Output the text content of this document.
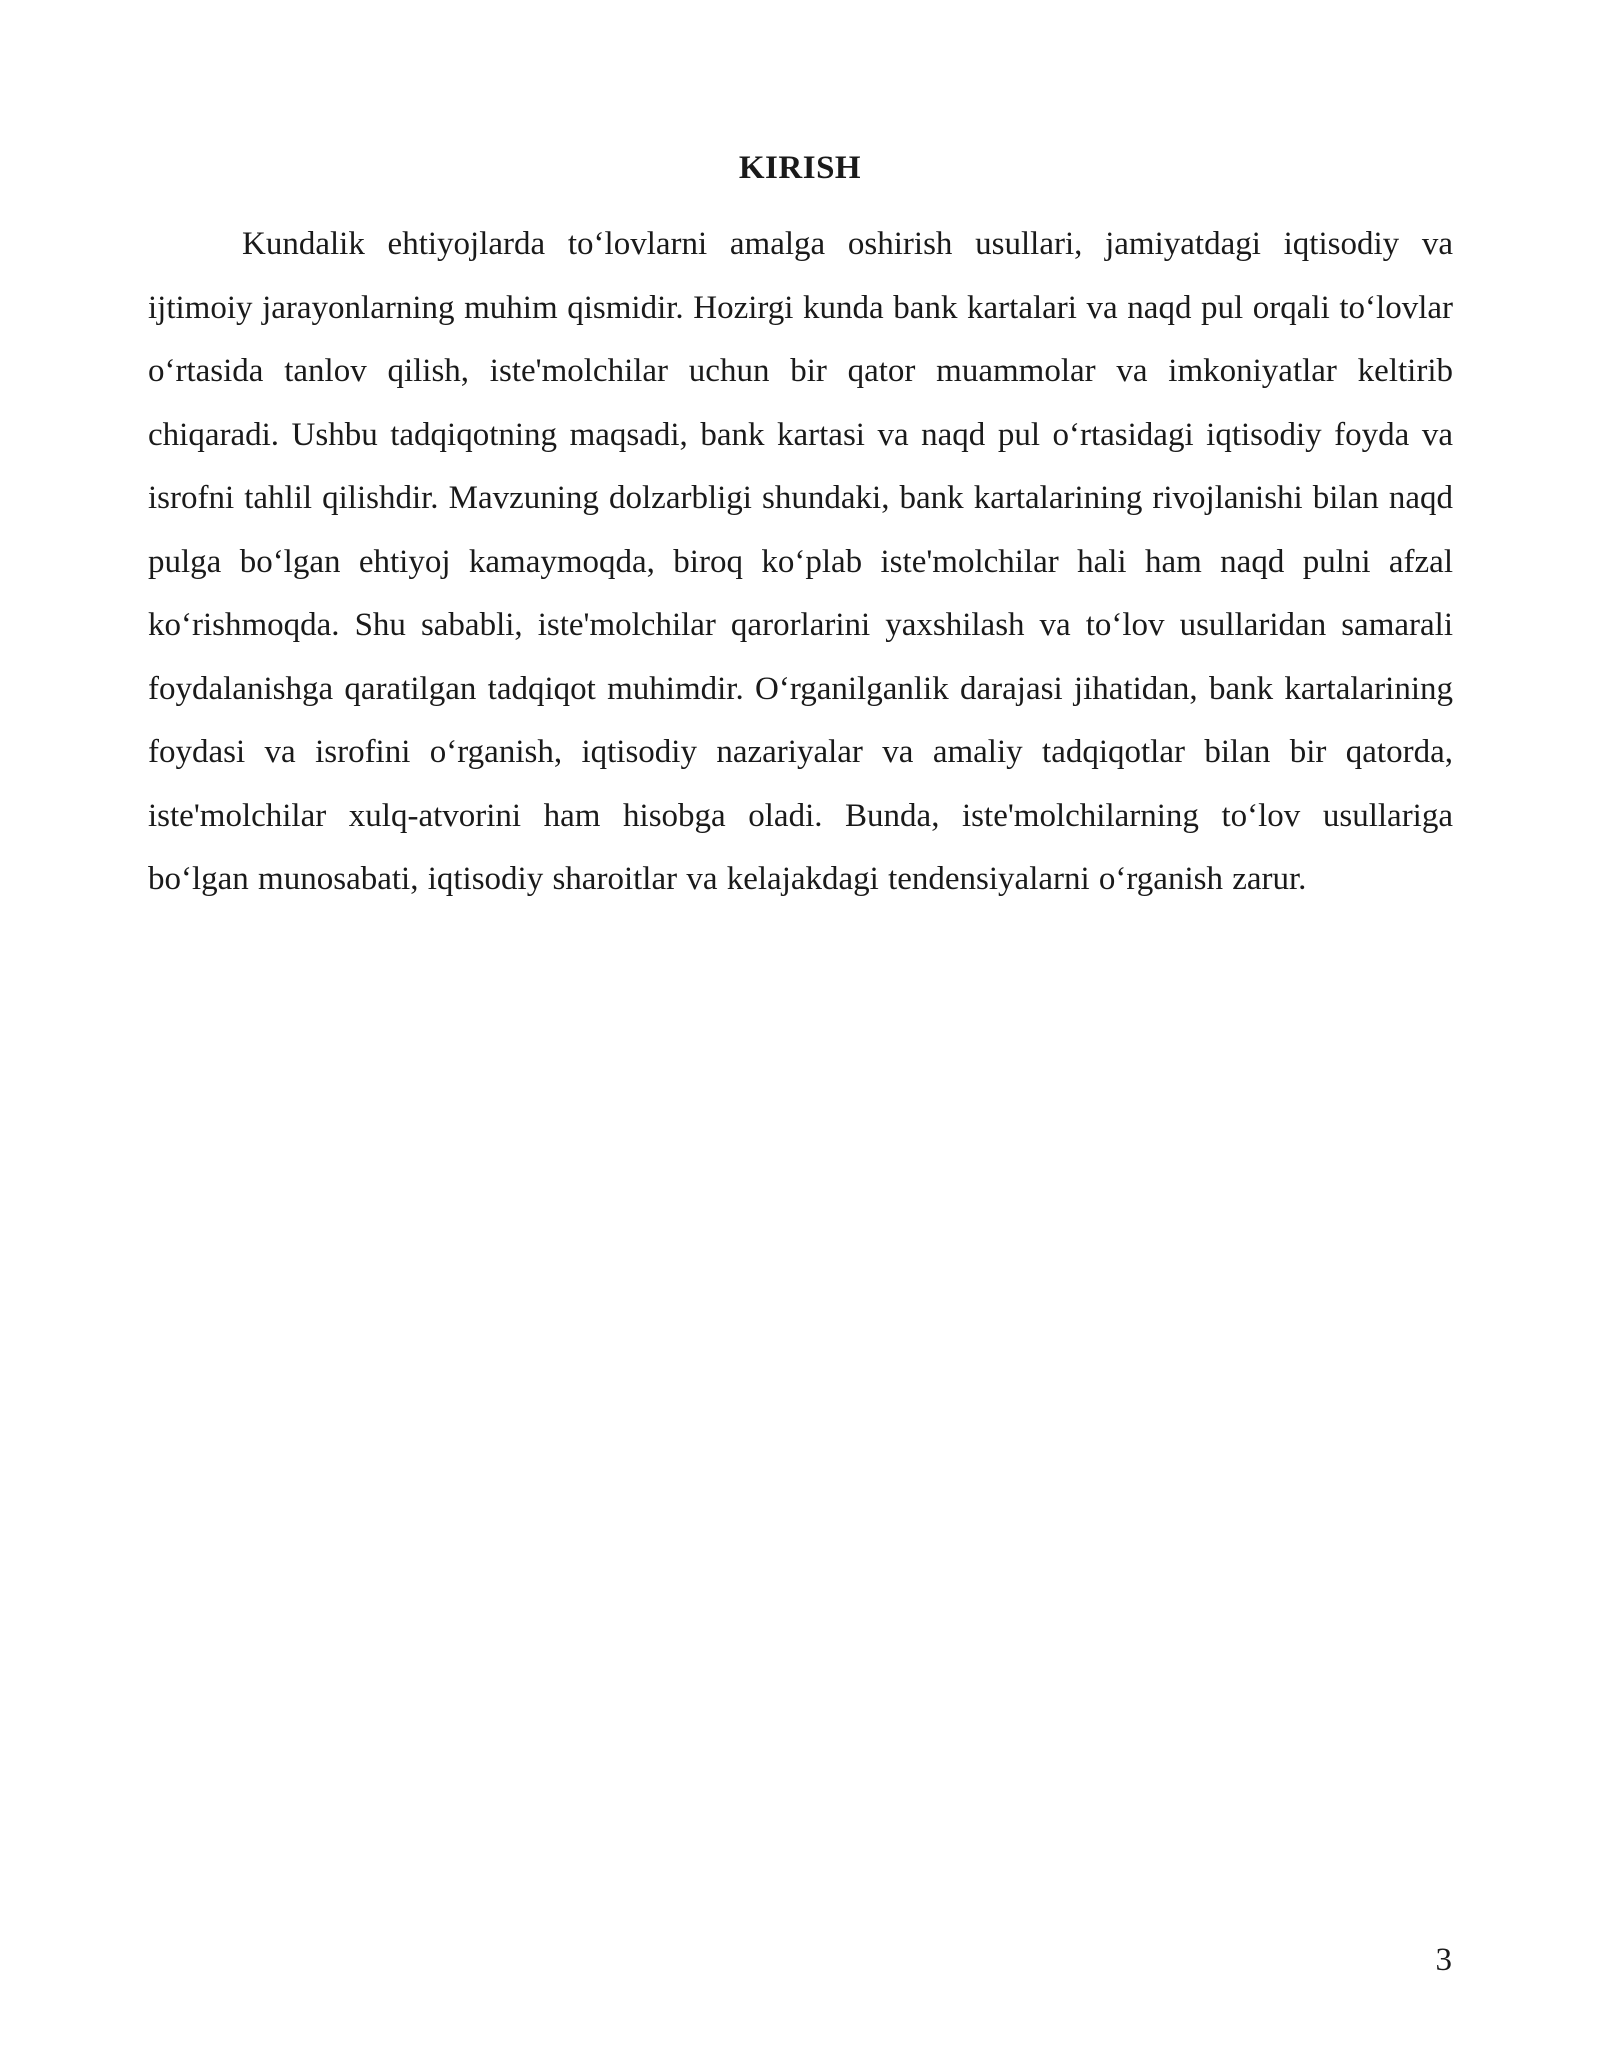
KIRISH

Kundalik ehtiyojlarda to‘lovlarni amalga oshirish usullari, jamiyatdagi iqtisodiy va ijtimoiy jarayonlarning muhim qismidir. Hozirgi kunda bank kartalari va naqd pul orqali to‘lovlar o‘rtasida tanlov qilish, iste'molchilar uchun bir qator muammolar va imkoniyatlar keltirib chiqaradi. Ushbu tadqiqotning maqsadi, bank kartasi va naqd pul o‘rtasidagi iqtisodiy foyda va isrofni tahlil qilishdir. Mavzuning dolzarbligi shundaki, bank kartalarining rivojlanishi bilan naqd pulga bo‘lgan ehtiyoj kamaymoqda, biroq ko‘plab iste'molchilar hali ham naqd pulni afzal ko‘rishmoqda. Shu sababli, iste'molchilar qarorlarini yaxshilash va to‘lov usullaridan samarali foydalanishga qaratilgan tadqiqot muhimdir. O‘rganilganlik darajasi jihatidan, bank kartalarining foydasi va isrofini o‘rganish, iqtisodiy nazariyalar va amaliy tadqiqotlar bilan bir qatorda, iste'molchilar xulq-atvorini ham hisobga oladi. Bunda, iste'molchilarning to‘lov usullariga bo‘lgan munosabati, iqtisodiy sharoitlar va kelajakdagi tendensiyalarni o‘rganish zarur.

3
